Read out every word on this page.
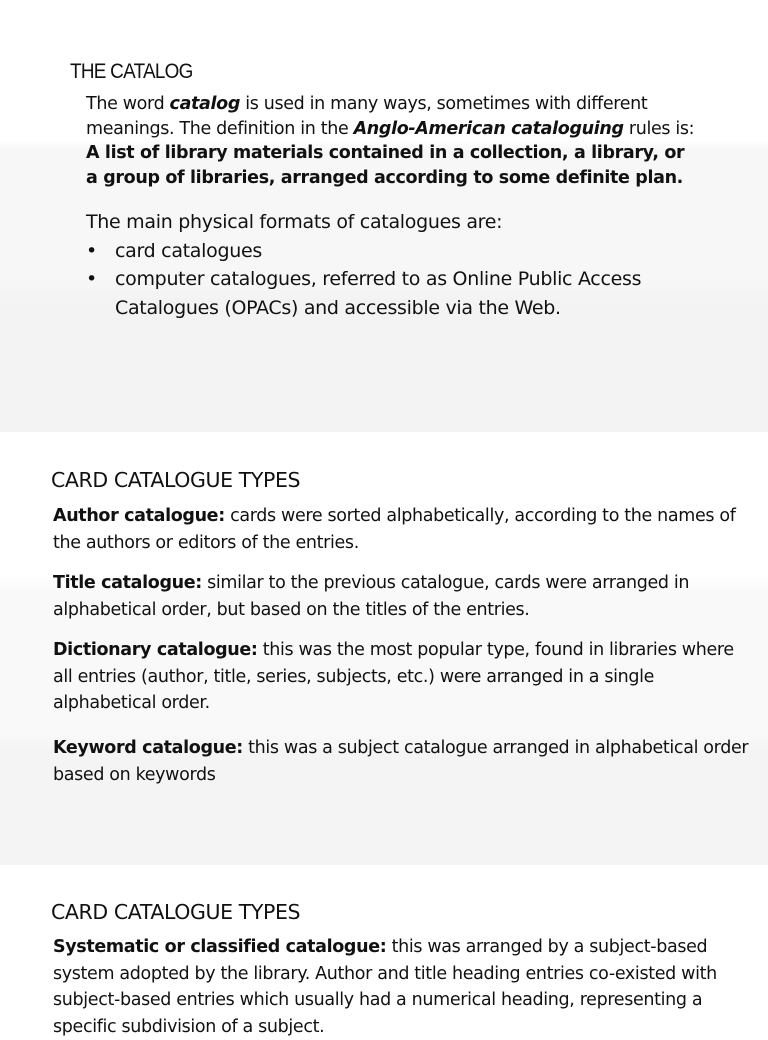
THE CATALOG

The word catalog is used in many ways, sometimes with different meanings. The definition in the Anglo-American cataloguing rules is: A list of library materials contained in a collection, a library, or a group of libraries, arranged according to some definite plan.

The main physical formats of catalogues are:

• card catalogues
• computer catalogues, referred to as Online Public Access Catalogues (OPACs) and accessible via the Web.
CARD CATALOGUE TYPES

Author catalogue: cards were sorted alphabetically, according to the names of the authors or editors of the entries.

Title catalogue: similar to the previous catalogue, cards were arranged in alphabetical order, but based on the titles of the entries.

Dictionary catalogue: this was the most popular type, found in libraries where all entries (author, title, series, subjects, etc.) were arranged in a single alphabetical order.

Keyword catalogue: this was a subject catalogue arranged in alphabetical order based on keywords

CARD CATALOGUE TYPES

Systematic or classified catalogue: this was arranged by a subject-based system adopted by the library. Author and title heading entries co-existed with subject-based entries which usually had a numerical heading, representing a specific subdivision of a subject.
